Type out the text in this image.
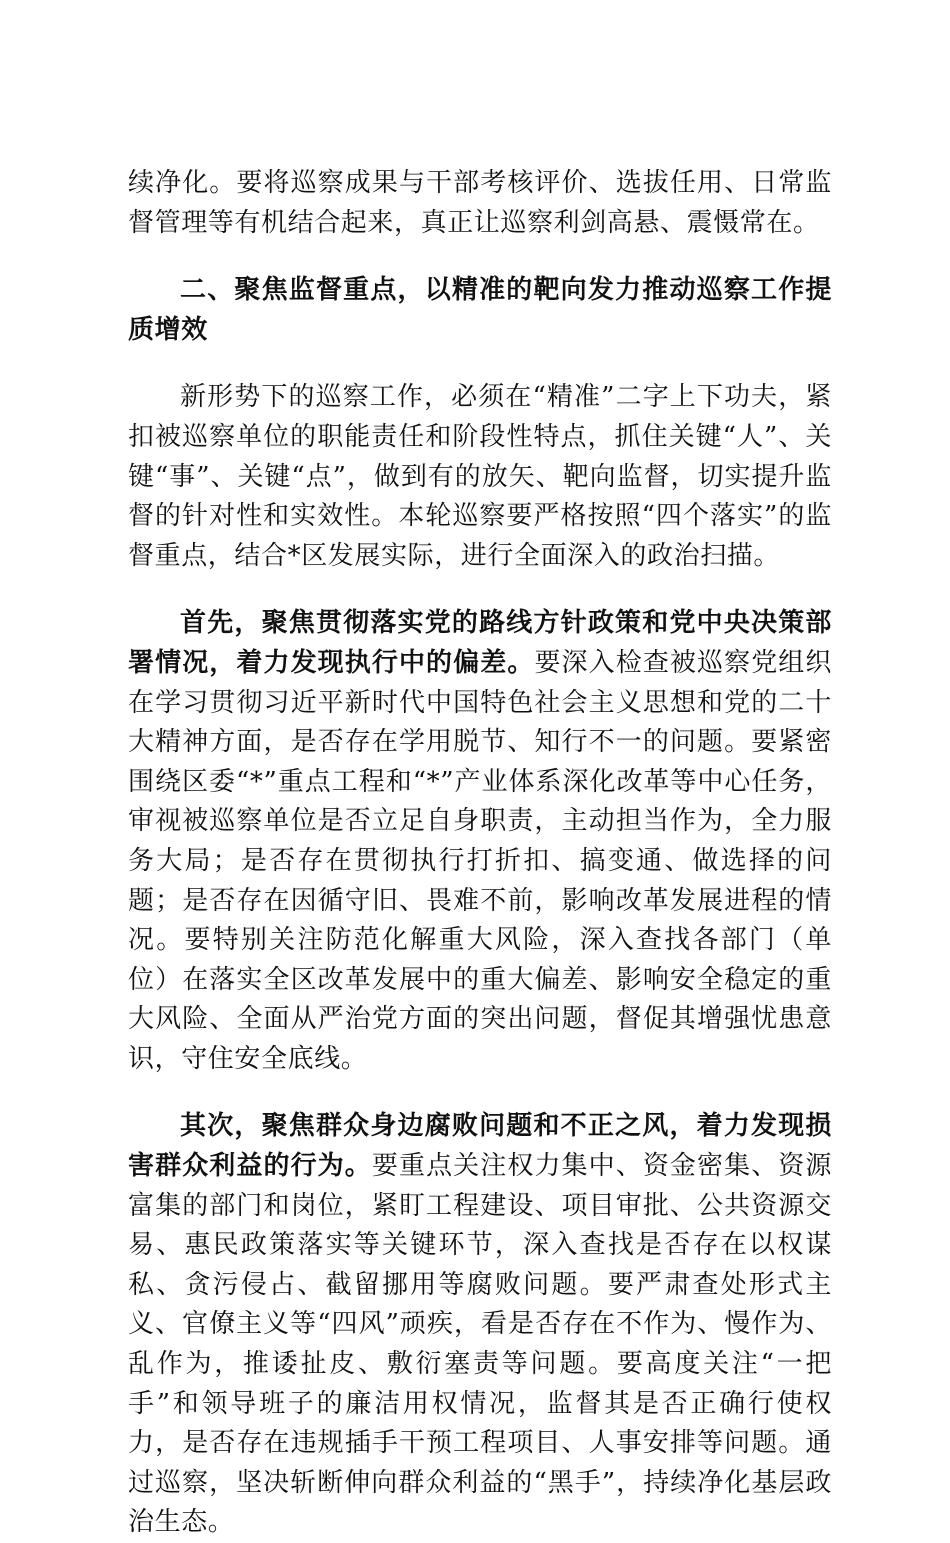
续净化。要将巡察成果与干部考核评价、选拔任用、日常监督管理等有机结合起来，真正让巡察利剑高悬、震慑常在。

二、聚焦监督重点，以精准的靶向发力推动巡察工作提质增效

新形势下的巡察工作，必须在“精准”二字上下功夫，紧扣被巡察单位的职能责任和阶段性特点，抓住关键“人”、关键“事”、关键“点”，做到有的放矢、靶向监督，切实提升监督的针对性和实效性。本轮巡察要严格按照“四个落实”的监督重点，结合*区发展实际，进行全面深入的政治扫描。

首先，聚焦贯彻落实党的路线方针政策和党中央决策部署情况，着力发现执行中的偏差。要深入检查被巡察党组织在学习贯彻习近平新时代中国特色社会主义思想和党的二十大精神方面，是否存在学用脱节、知行不一的问题。要紧密围绕区委“*”重点工程和“*”产业体系深化改革等中心任务，审视被巡察单位是否立足自身职责，主动担当作为，全力服务大局；是否存在贯彻执行打折扣、搞变通、做选择的问题；是否存在因循守旧、畏难不前，影响改革发展进程的情况。要特别关注防范化解重大风险，深入查找各部门（单位）在落实全区改革发展中的重大偏差、影响安全稳定的重大风险、全面从严治党方面的突出问题，督促其增强忧患意识，守住安全底线。

其次，聚焦群众身边腐败问题和不正之风，着力发现损害群众利益的行为。要重点关注权力集中、资金密集、资源富集的部门和岗位，紧盯工程建设、项目审批、公共资源交易、惠民政策落实等关键环节，深入查找是否存在以权谋私、贪污侵占、截留挪用等腐败问题。要严肃查处形式主义、官僚主义等“四风”顽疾，看是否存在不作为、慢作为、乱作为，推诿扯皮、敷衍塞责等问题。要高度关注“一把手”和领导班子的廉洁用权情况，监督其是否正确行使权力，是否存在违规插手干预工程项目、人事安排等问题。通过巡察，坚决斩断伸向群众利益的“黑手”，持续净化基层政治生态。
